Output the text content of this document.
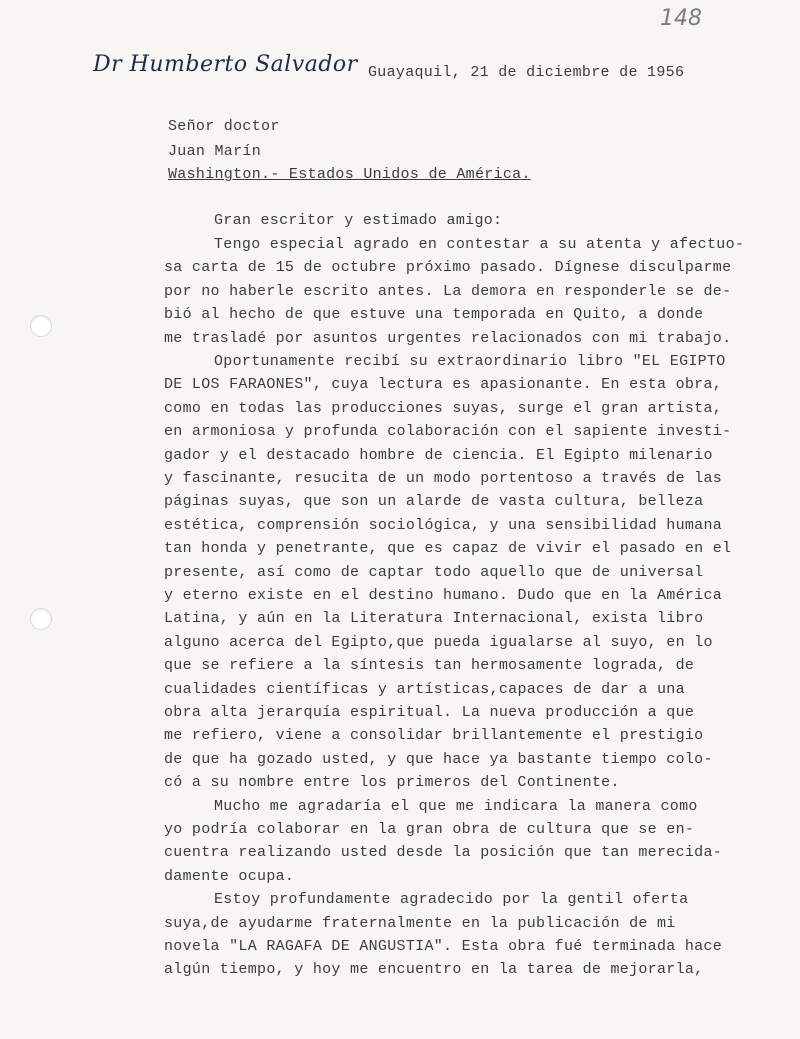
148
Dr Humberto Salvador Guayaquil, 21 de diciembre de 1956
Señor doctor
Juan Marín
Washington.- Estados Unidos de América.
Gran escritor y estimado amigo:
Tengo especial agrado en contestar a su atenta y afectuo-
sa carta de 15 de octubre próximo pasado. Dígnese disculparme
por no haberle escrito antes. La demora en responderle se de-
bió al hecho de que estuve una temporada en Quito, a donde
me trasladé por asuntos urgentes relacionados con mi trabajo.
Oportunamente recibí su extraordinario libro "EL EGIPTO
DE LOS FARAONES", cuya lectura es apasionante. En esta obra,
como en todas las producciones suyas, surge el gran artista,
en armoniosa y profunda colaboración con el sapiente investi-
gador y el destacado hombre de ciencia. El Egipto milenario
y fascinante, resucita de un modo portentoso a través de las
páginas suyas, que son un alarde de vasta cultura, belleza
estética, comprensión sociológica, y una sensibilidad humana
tan honda y penetrante, que es capaz de vivir el pasado en el
presente, así como de captar todo aquello que de universal
y eterno existe en el destino humano. Dudo que en la América
Latina, y aún en la Literatura Internacional, exista libro
alguno acerca del Egipto,que pueda igualarse al suyo, en lo
que se refiere a la síntesis tan hermosamente lograda, de
cualidades científicas y artísticas,capaces de dar a una
obra alta jerarquía espiritual. La nueva producción a que
me refiero, viene a consolidar brillantemente el prestigio
de que ha gozado usted, y que hace ya bastante tiempo colo-
có a su nombre entre los primeros del Continente.
Mucho me agradaría el que me indicara la manera como
yo podría colaborar en la gran obra de cultura que se en-
cuentra realizando usted desde la posición que tan merecida-
damente ocupa.
Estoy profundamente agradecido por la gentil oferta
suya,de ayudarme fraternalmente en la publicación de mi
novela "LA RAGAFA DE ANGUSTIA". Esta obra fué terminada hace
algún tiempo, y hoy me encuentro en la tarea de mejorarla,
